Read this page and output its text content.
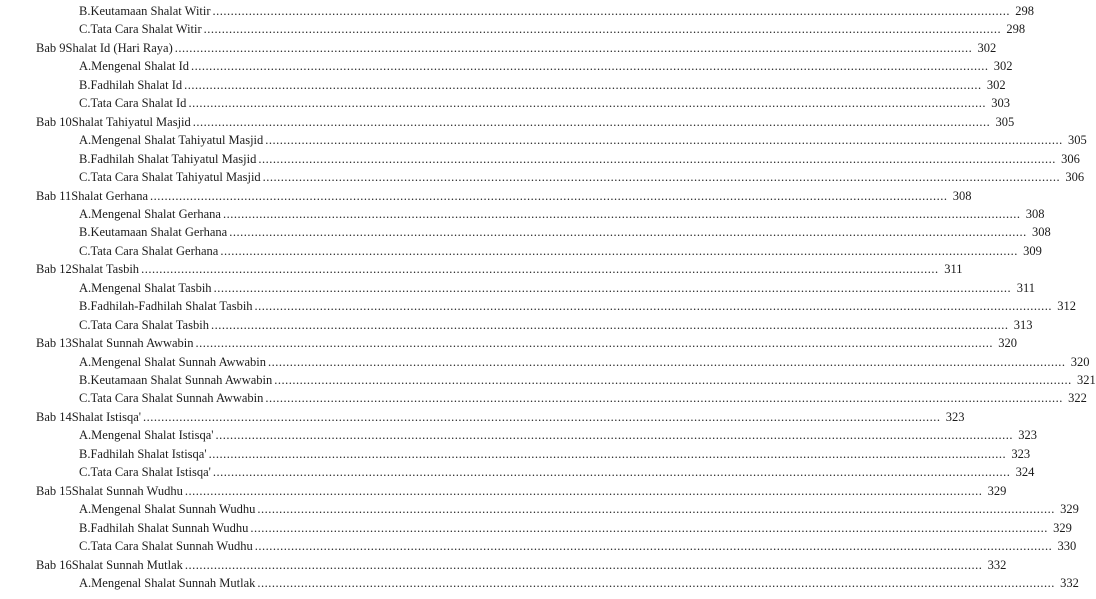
B. Keutamaan Shalat Witir ............................................................................................................................................................................................................................ 298
C. Tata Cara Shalat Witir ............................................................................................................................................................................................................................ 298
Bab 9 Shalat Id (Hari Raya) ............................................................................................................................................................................................................................ 302
A. Mengenal Shalat Id ............................................................................................................................................................................................................................ 302
B. Fadhilah Shalat Id ............................................................................................................................................................................................................................ 302
C. Tata Cara Shalat Id ............................................................................................................................................................................................................................ 303
Bab 10 Shalat Tahiyatul Masjid ............................................................................................................................................................................................................................ 305
A. Mengenal Shalat Tahiyatul Masjid ............................................................................................................................................................................................................................ 305
B. Fadhilah Shalat Tahiyatul Masjid ............................................................................................................................................................................................................................ 306
C. Tata Cara Shalat Tahiyatul Masjid ............................................................................................................................................................................................................................ 306
Bab 11 Shalat Gerhana ............................................................................................................................................................................................................................ 308
A. Mengenal Shalat Gerhana ............................................................................................................................................................................................................................ 308
B. Keutamaan Shalat Gerhana ............................................................................................................................................................................................................................ 308
C. Tata Cara Shalat Gerhana ............................................................................................................................................................................................................................ 309
Bab 12 Shalat Tasbih ............................................................................................................................................................................................................................ 311
A. Mengenal Shalat Tasbih ............................................................................................................................................................................................................................ 311
B. Fadhilah-Fadhilah Shalat Tasbih ............................................................................................................................................................................................................................ 312
C. Tata Cara Shalat Tasbih ............................................................................................................................................................................................................................ 313
Bab 13 Shalat Sunnah Awwabin ............................................................................................................................................................................................................................ 320
A. Mengenal Shalat Sunnah Awwabin ............................................................................................................................................................................................................................ 320
B. Keutamaan Shalat Sunnah Awwabin ............................................................................................................................................................................................................................ 321
C. Tata Cara Shalat Sunnah Awwabin ............................................................................................................................................................................................................................ 322
Bab 14 Shalat Istisqa' ............................................................................................................................................................................................................................ 323
A. Mengenal Shalat Istisqa' ............................................................................................................................................................................................................................ 323
B. Fadhilah Shalat Istisqa' ............................................................................................................................................................................................................................ 323
C. Tata Cara Shalat Istisqa' ............................................................................................................................................................................................................................ 324
Bab 15 Shalat Sunnah Wudhu ............................................................................................................................................................................................................................ 329
A. Mengenal Shalat Sunnah Wudhu ............................................................................................................................................................................................................................ 329
B. Fadhilah Shalat Sunnah Wudhu ............................................................................................................................................................................................................................ 329
C. Tata Cara Shalat Sunnah Wudhu ............................................................................................................................................................................................................................ 330
Bab 16 Shalat Sunnah Mutlak ............................................................................................................................................................................................................................ 332
A. Mengenal Shalat Sunnah Mutlak ............................................................................................................................................................................................................................ 332
